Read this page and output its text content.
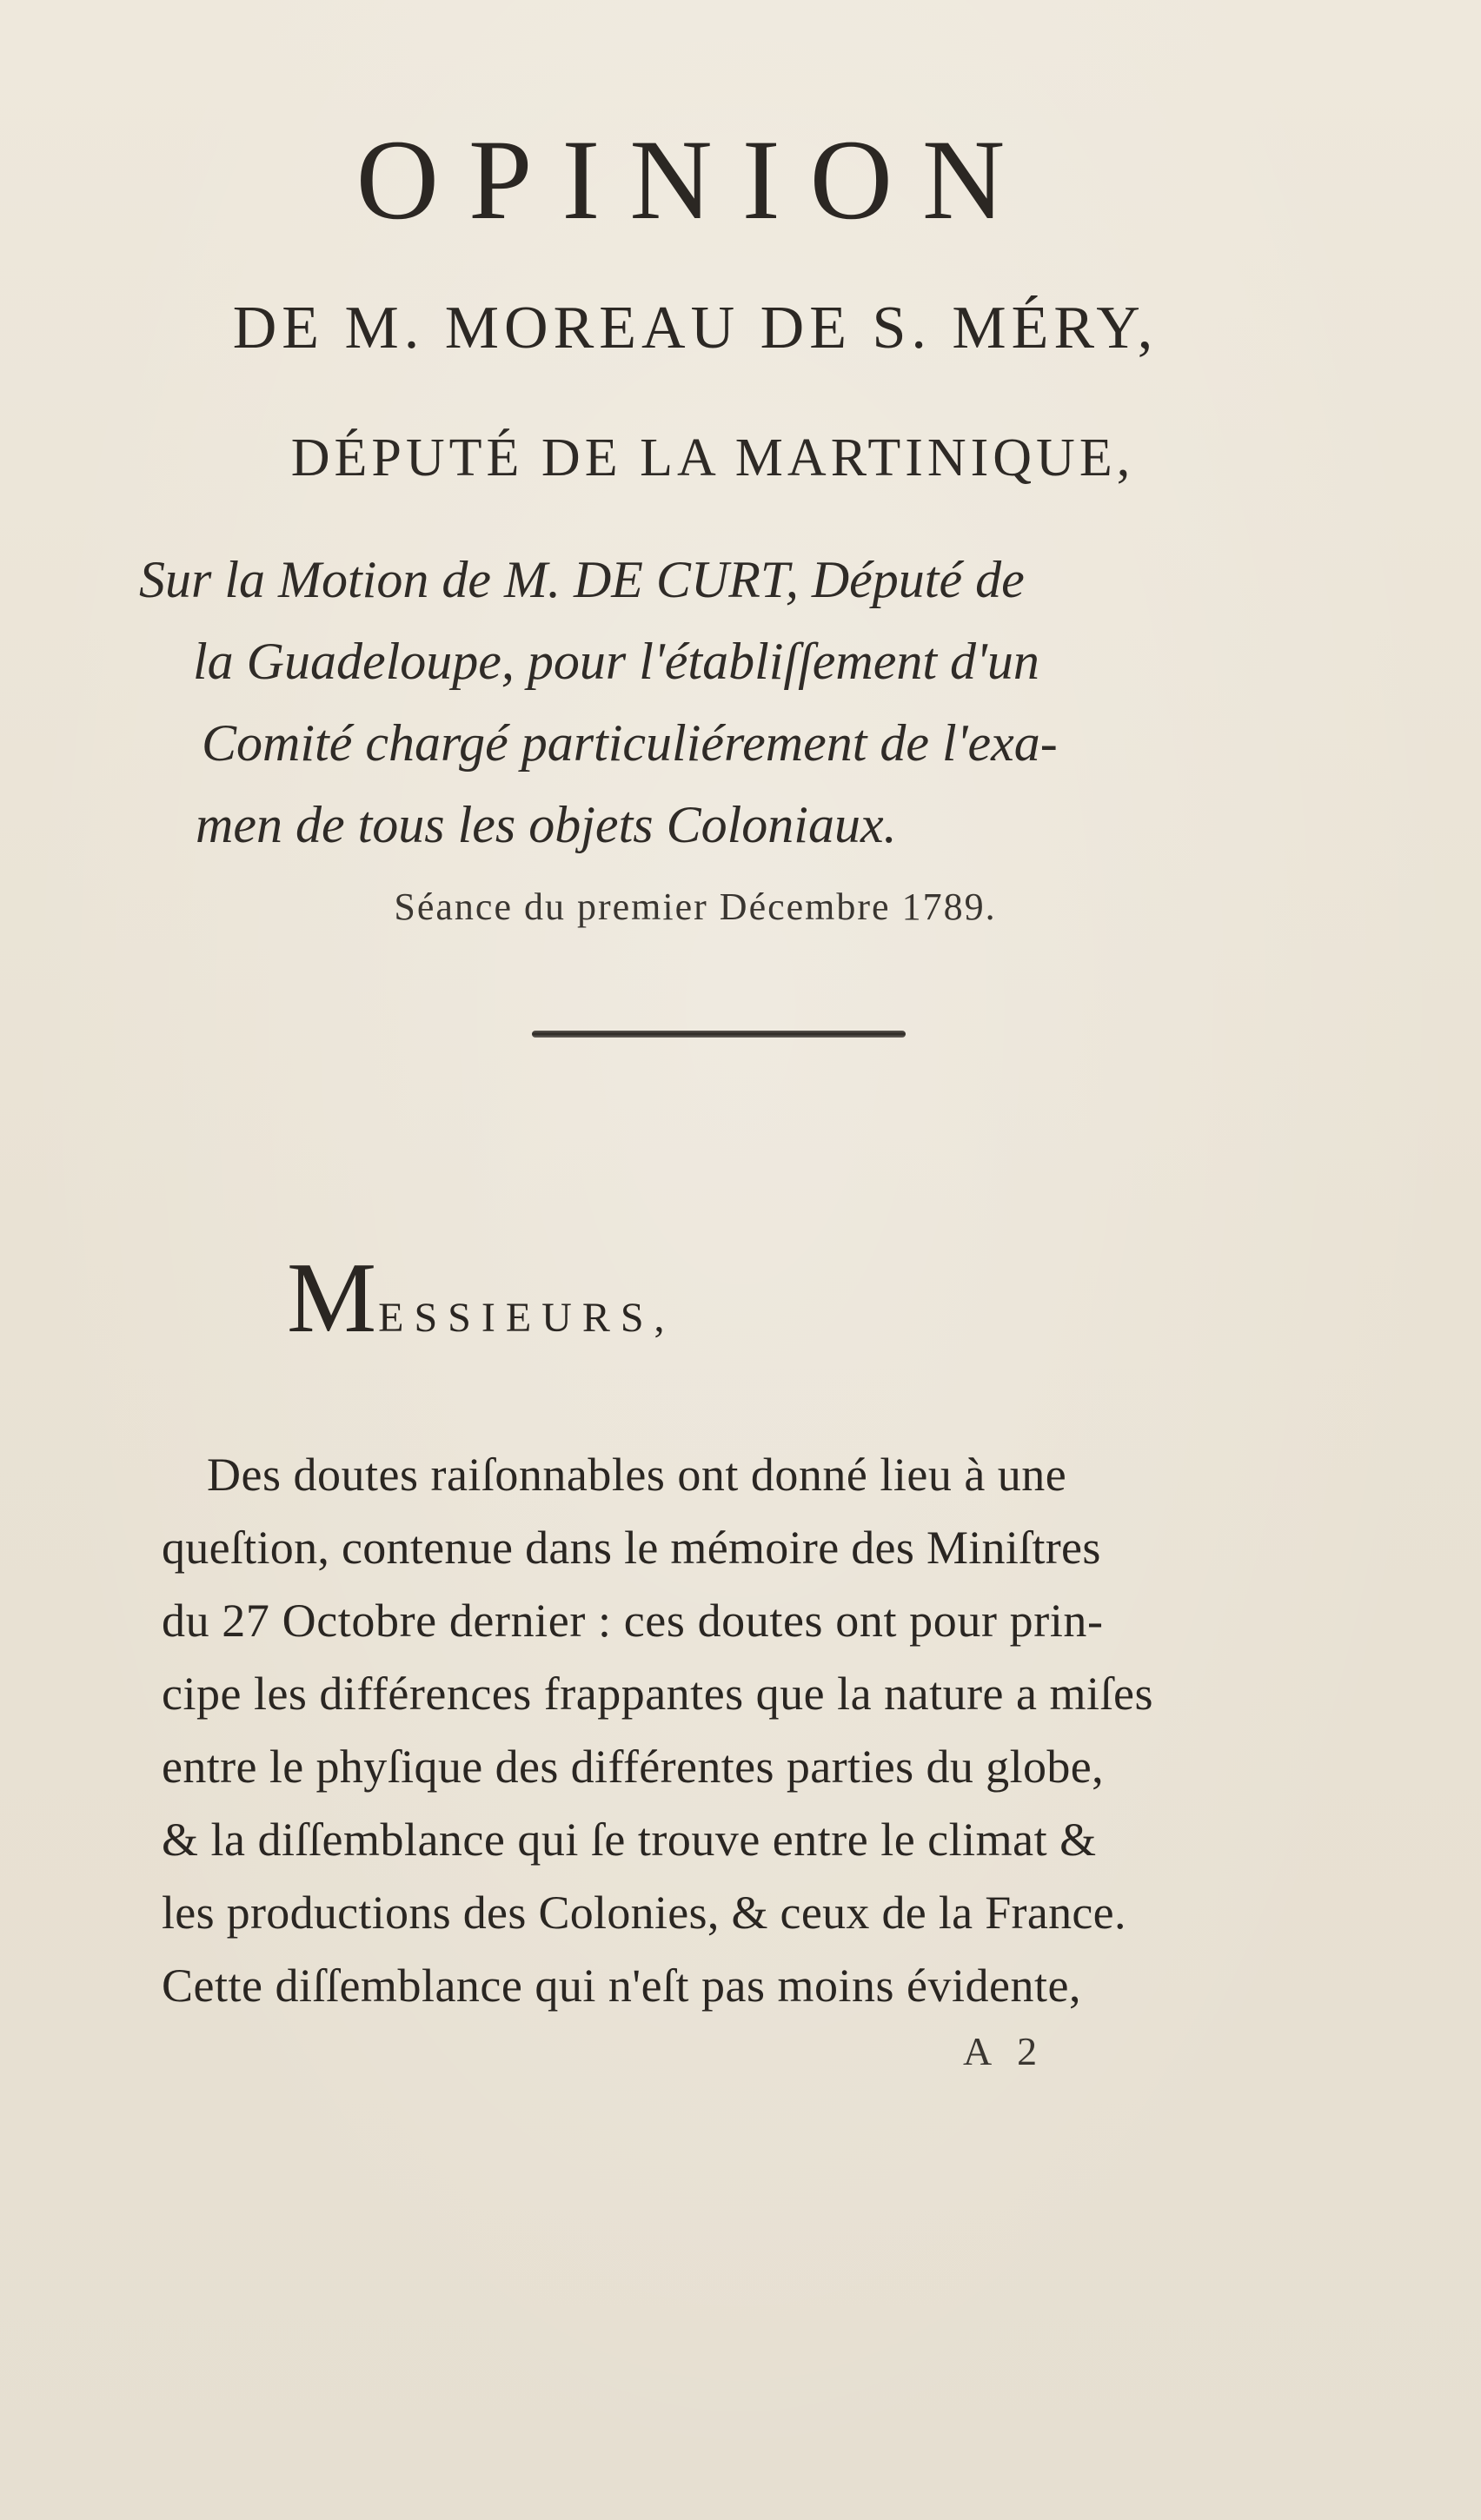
OPINION
DE M. MOREAU DE S. MÉRY,
DÉPUTÉ DE LA MARTINIQUE,
Sur la Motion de M. DE CURT, Député de
la Guadeloupe, pour l'établiſſement d'un
Comité chargé particuliérement de l'exa-
men de tous les objets Coloniaux.
Séance du premier Décembre 1789.
MESSIEURS,
Des doutes raiſonnables ont donné lieu à une
queſtion, contenue dans le mémoire des Miniſtres
du 27 Octobre dernier : ces doutes ont pour prin-
cipe les différences frappantes que la nature a miſes
entre le phyſique des différentes parties du globe,
& la diſſemblance qui ſe trouve entre le climat &
les productions des Colonies, & ceux de la France.
Cette diſſemblance qui n'eſt pas moins évidente,
A 2
